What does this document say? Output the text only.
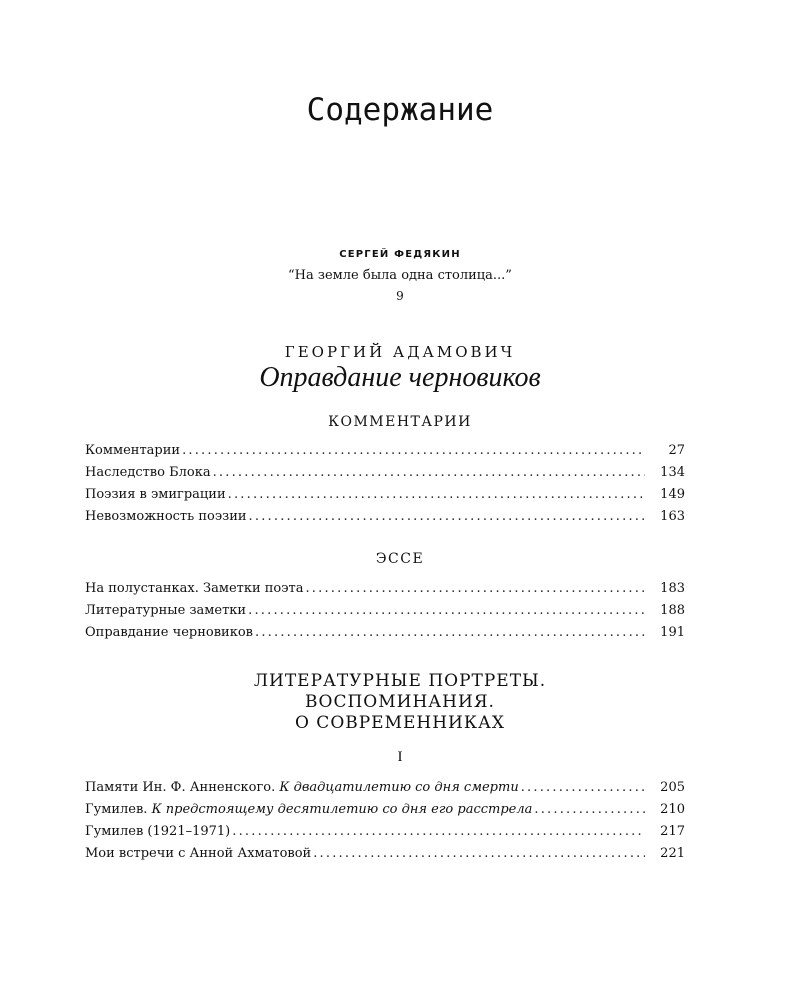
Содержание
СЕРГЕЙ ФЕДЯКИН
“На земле была одна столица...”
9
ГЕОРГИЙ АДАМОВИЧ
Оправдание черновиков
КОММЕНТАРИИ
Комментарии .....	27
Наследство Блока .....	134
Поэзия в эмиграции .....	149
Невозможность поэзии .....	163
ЭССЕ
На полустанках. Заметки поэта .....	183
Литературные заметки .....	188
Оправдание черновиков .....	191
ЛИТЕРАТУРНЫЕ ПОРТРЕТЫ.
ВОСПОМИНАНИЯ.
О СОВРЕМЕННИКАХ
I
Памяти Ин. Ф. Анненского. К двадцатилетию со дня смерти .....	205
Гумилев. К предстоящему десятилетию со дня его расстрела .....	210
Гумилев (1921–1971) .....	217
Мои встречи с Анной Ахматовой .....	221
